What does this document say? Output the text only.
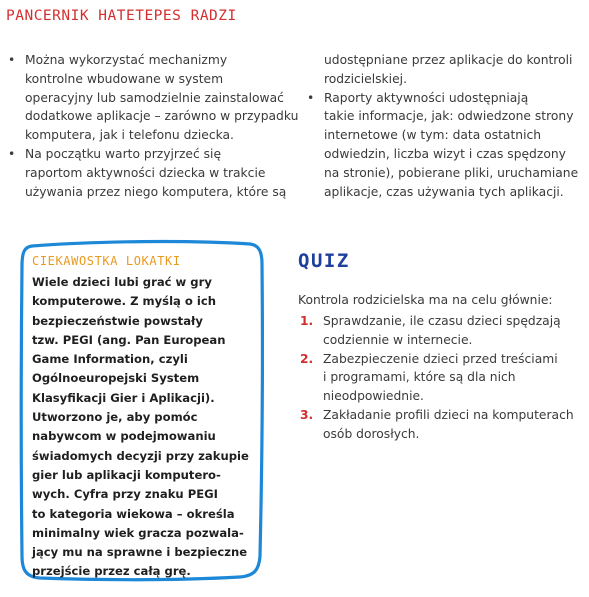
PANCERNIK HATETEPES RADZI
• Można wykorzystać mechanizmy
kontrolne wbudowane w system
operacyjny lub samodzielnie zainstalować
dodatkowe aplikacje – zarówno w przypadku
komputera, jak i telefonu dziecka.
• Na początku warto przyjrzeć się
raportom aktywności dziecka w trakcie
używania przez niego komputera, które są
udostępniane przez aplikacje do kontroli
rodzicielskiej.
• Raporty aktywności udostępniają
takie informacje, jak: odwiedzone strony
internetowe (w tym: data ostatnich
odwiedzin, liczba wizyt i czas spędzony
na stronie), pobierane pliki, uruchamiane
aplikacje, czas używania tych aplikacji.
CIEKAWOSTKA LOKATKI
Wiele dzieci lubi grać w gry
komputerowe. Z myślą o ich
bezpieczeństwie powstały
tzw. PEGI (ang. Pan European
Game Information, czyli
Ogólnoeuropejski System
Klasyfikacji Gier i Aplikacji).
Utworzono je, aby pomóc
nabywcom w podejmowaniu
świadomych decyzji przy zakupie
gier lub aplikacji komputero-
wych. Cyfra przy znaku PEGI
to kategoria wiekowa – określa
minimalny wiek gracza pozwala-
jący mu na sprawne i bezpieczne
przejście przez całą grę.
QUIZ
Kontrola rodzicielska ma na celu głównie:
1. Sprawdzanie, ile czasu dzieci spędzają
codziennie w internecie.
2. Zabezpieczenie dzieci przed treściami
i programami, które są dla nich
nieodpowiednie.
3. Zakładanie profili dzieci na komputerach
osób dorosłych.
